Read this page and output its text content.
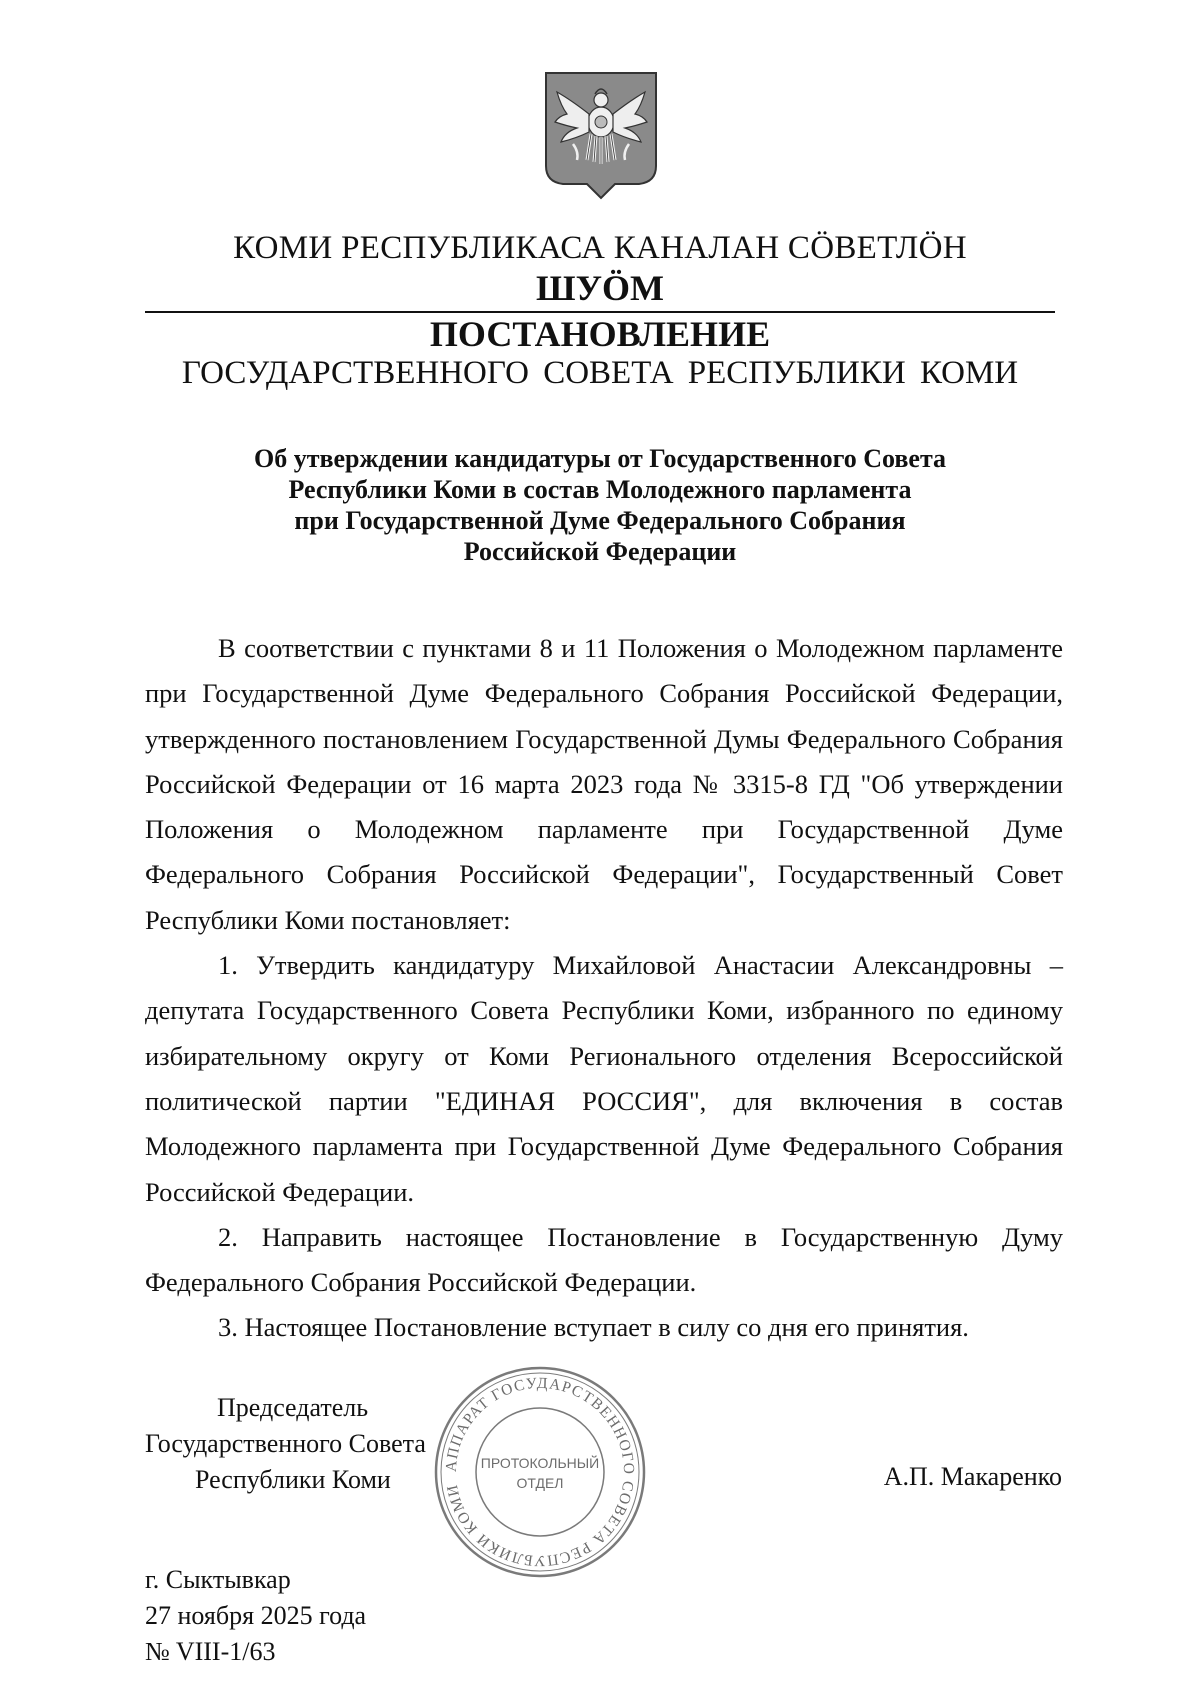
КОМИ РЕСПУБЛИКАСА КАНАЛАН СӦВЕТЛӦН
ШУӦМ
ПОСТАНОВЛЕНИЕ
ГОСУДАРСТВЕННОГО СОВЕТА РЕСПУБЛИКИ КОМИ
Об утверждении кандидатуры от Государственного Совета
Республики Коми в состав Молодежного парламента
при Государственной Думе Федерального Собрания
Российской Федерации

В соответствии с пунктами 8 и 11 Положения о Молодежном парламенте при Государственной Думе Федерального Собрания Российской Федерации, утвержденного постановлением Государственной Думы Федерального Собрания Российской Федерации от 16 марта 2023 года № 3315-8 ГД "Об утверждении Положения о Молодежном парламенте при Государственной Думе Федерального Собрания Российской Федерации", Государственный Совет Республики Коми постановляет:

1. Утвердить кандидатуру Михайловой Анастасии Александровны – депутата Государственного Совета Республики Коми, избранного по единому избирательному округу от Коми Регионального отделения Всероссийской политической партии "ЕДИНАЯ РОССИЯ", для включения в состав Молодежного парламента при Государственной Думе Федерального Собрания Российской Федерации.

2. Направить настоящее Постановление в Государственную Думу Федерального Собрания Российской Федерации.

3. Настоящее Постановление вступает в силу со дня его принятия.

Председатель
Государственного Совета
Республики Коми	А.П. Макаренко
АППАРАТ ГОСУДАРСТВЕННОГО СОВЕТА РЕСПУБЛИКИ КОМИ
ПРОТОКОЛЬНЫЙ
ОТДЕЛ
г. Сыктывкар
27 ноября 2025 года
№ VIII-1/63
